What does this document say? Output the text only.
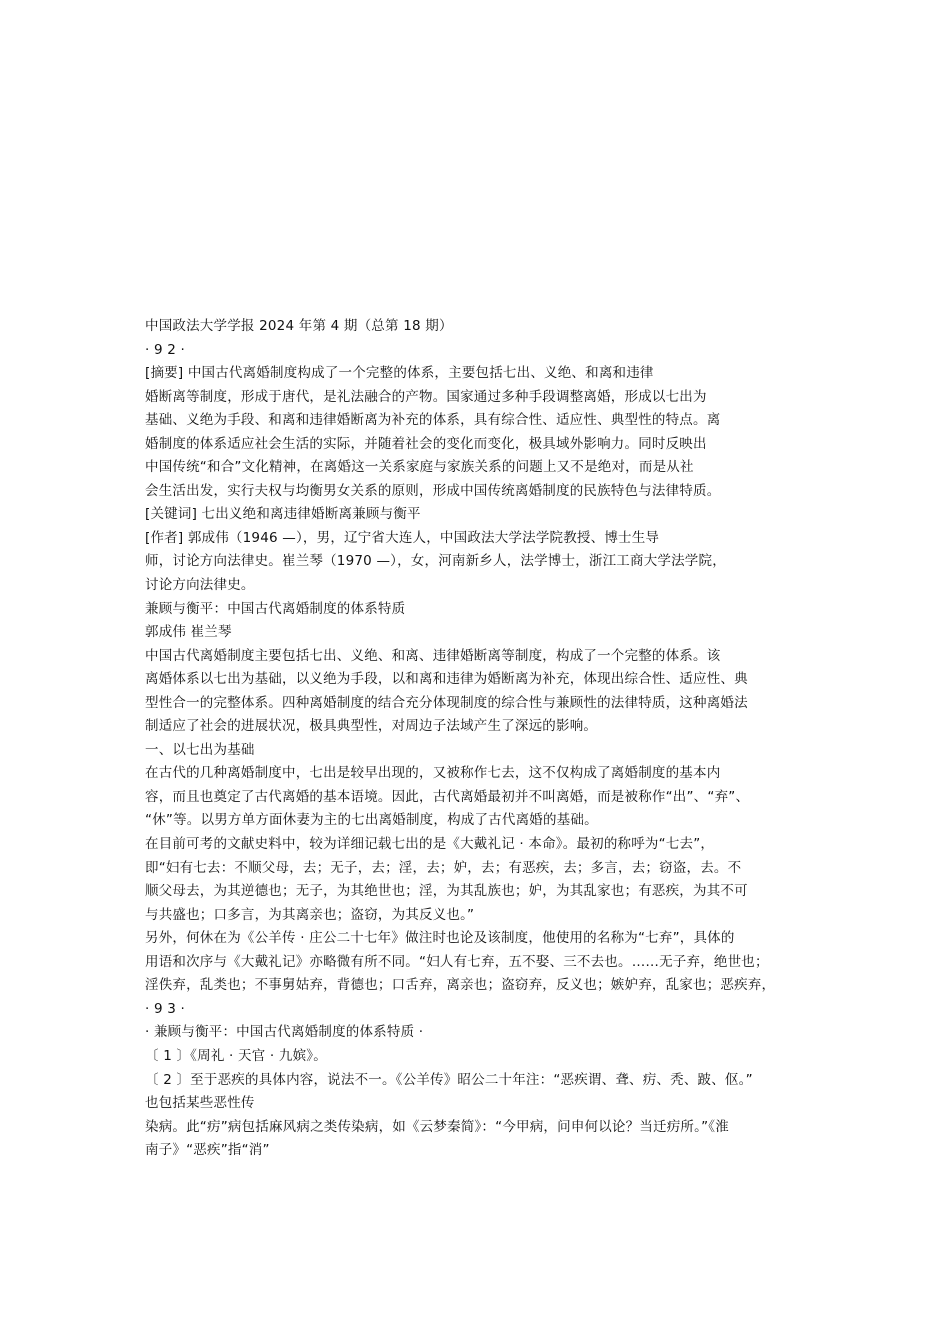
中国政法大学学报 2024 年第 4 期（总第 18 期）
· 9 2 ·
[摘要] 中国古代离婚制度构成了一个完整的体系，主要包括七出、义绝、和离和违律
婚断离等制度，形成于唐代，是礼法融合的产物。国家通过多种手段调整离婚，形成以七出为
基础、义绝为手段、和离和违律婚断离为补充的体系，具有综合性、适应性、典型性的特点。离
婚制度的体系适应社会生活的实际，并随着社会的变化而变化，极具域外影响力。同时反映出
中国传统“和合”文化精神，在离婚这一关系家庭与家族关系的问题上又不是绝对，而是从社
会生活出发，实行夫权与均衡男女关系的原则，形成中国传统离婚制度的民族特色与法律特质。
[关键词] 七出义绝和离违律婚断离兼顾与衡平
[作者] 郭成伟（1946 —），男，辽宁省大连人，中国政法大学法学院教授、博士生导
师，讨论方向法律史。崔兰琴（1970 —），女，河南新乡人，法学博士，浙江工商大学法学院，
讨论方向法律史。
兼顾与衡平：中国古代离婚制度的体系特质
郭成伟 崔兰琴
中国古代离婚制度主要包括七出、义绝、和离、违律婚断离等制度，构成了一个完整的体系。该
离婚体系以七出为基础，以义绝为手段，以和离和违律为婚断离为补充，体现出综合性、适应性、典
型性合一的完整体系。四种离婚制度的结合充分体现制度的综合性与兼顾性的法律特质，这种离婚法
制适应了社会的进展状况，极具典型性，对周边子法域产生了深远的影响。
一、以七出为基础
在古代的几种离婚制度中，七出是较早出现的，又被称作七去，这不仅构成了离婚制度的基本内
容，而且也奠定了古代离婚的基本语境。因此，古代离婚最初并不叫离婚，而是被称作“出”、“弃”、
“休”等。以男方单方面休妻为主的七出离婚制度，构成了古代离婚的基础。
在目前可考的文献史料中，较为详细记载七出的是《大戴礼记 · 本命》。最初的称呼为“七去”，
即“妇有七去：不顺父母，去；无子，去；淫，去；妒，去；有恶疾，去；多言，去；窃盗，去。不
顺父母去，为其逆德也；无子，为其绝世也；淫，为其乱族也；妒，为其乱家也；有恶疾，为其不可
与共盛也；口多言，为其离亲也；盗窃，为其反义也。”
另外，何休在为《公羊传 · 庄公二十七年》做注时也论及该制度，他使用的名称为“七弃”，具体的
用语和次序与《大戴礼记》亦略微有所不同。“妇人有七弃，五不娶、三不去也。……无子弃，绝世也；
淫佚弃，乱类也；不事舅姑弃，背德也；口舌弃，离亲也；盗窃弃，反义也；嫉妒弃，乱家也；恶疾弃，
· 9 3 ·
· 兼顾与衡平：中国古代离婚制度的体系特质 ·
〔 1 〕《周礼 · 天官 · 九嫔》。
〔 2 〕至于恶疾的具体内容，说法不一。《公羊传》昭公二十年注：“恶疾谓、聋、疠、秃、跛、伛。”
也包括某些恶性传
染病。此“疠”病包括麻风病之类传染病，如《云梦秦简》：“今甲病，问申何以论？当迁疠所。”《淮
南子》“恶疾”指“消”
